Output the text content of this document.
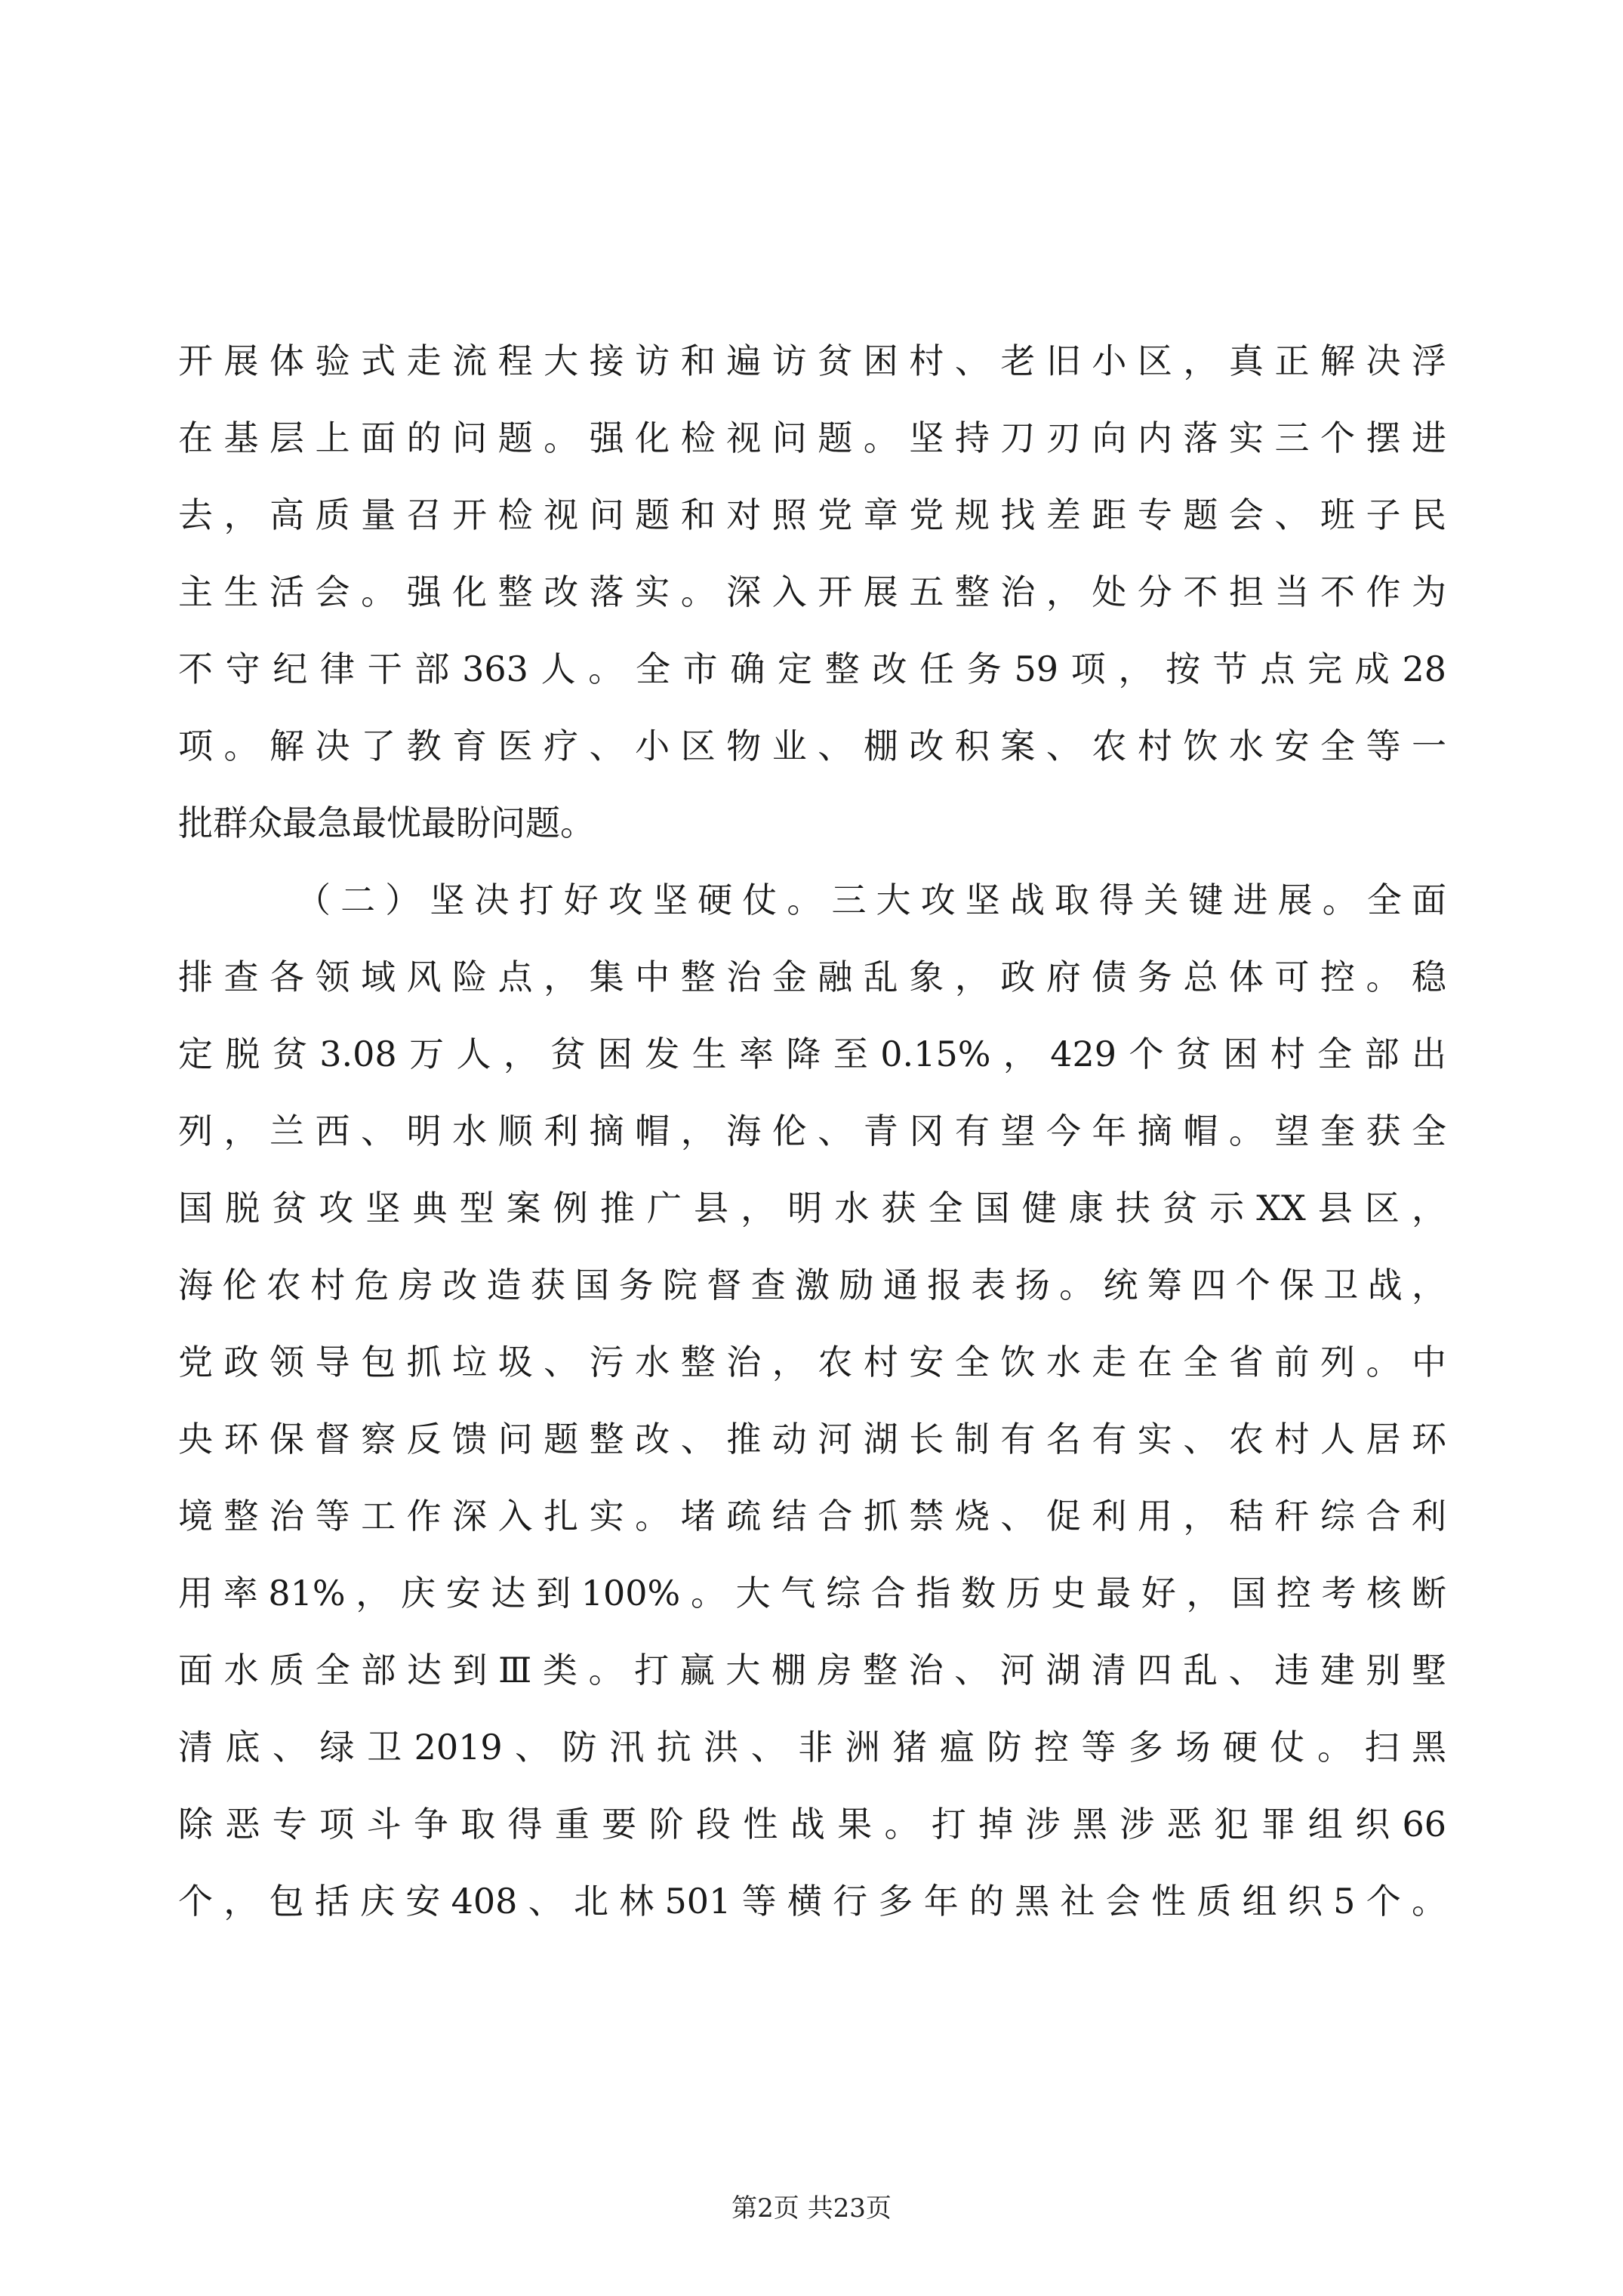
开展体验式走流程大接访和遍访贫困村、老旧小区，真正解决浮
在基层上面的问题。强化检视问题。坚持刀刃向内落实三个摆进
去，高质量召开检视问题和对照党章党规找差距专题会、班子民
主生活会。强化整改落实。深入开展五整治，处分不担当不作为
不守纪律干部363人。全市确定整改任务59项，按节点完成28
项。解决了教育医疗、小区物业、棚改积案、农村饮水安全等一
批群众最急最忧最盼问题。
（二）坚决打好攻坚硬仗。三大攻坚战取得关键进展。全面
排查各领域风险点，集中整治金融乱象，政府债务总体可控。稳
定脱贫3.08万人，贫困发生率降至0.15%，429个贫困村全部出
列，兰西、明水顺利摘帽，海伦、青冈有望今年摘帽。望奎获全
国脱贫攻坚典型案例推广县，明水获全国健康扶贫示XX县区，
海伦农村危房改造获国务院督查激励通报表扬。统筹四个保卫战，
党政领导包抓垃圾、污水整治，农村安全饮水走在全省前列。中
央环保督察反馈问题整改、推动河湖长制有名有实、农村人居环
境整治等工作深入扎实。堵疏结合抓禁烧、促利用，秸秆综合利
用率81%，庆安达到100%。大气综合指数历史最好，国控考核断
面水质全部达到Ⅲ类。打赢大棚房整治、河湖清四乱、违建别墅
清底、绿卫2019、防汛抗洪、非洲猪瘟防控等多场硬仗。扫黑
除恶专项斗争取得重要阶段性战果。打掉涉黑涉恶犯罪组织66
个，包括庆安408、北林501等横行多年的黑社会性质组织5个。
第2页 共23页
